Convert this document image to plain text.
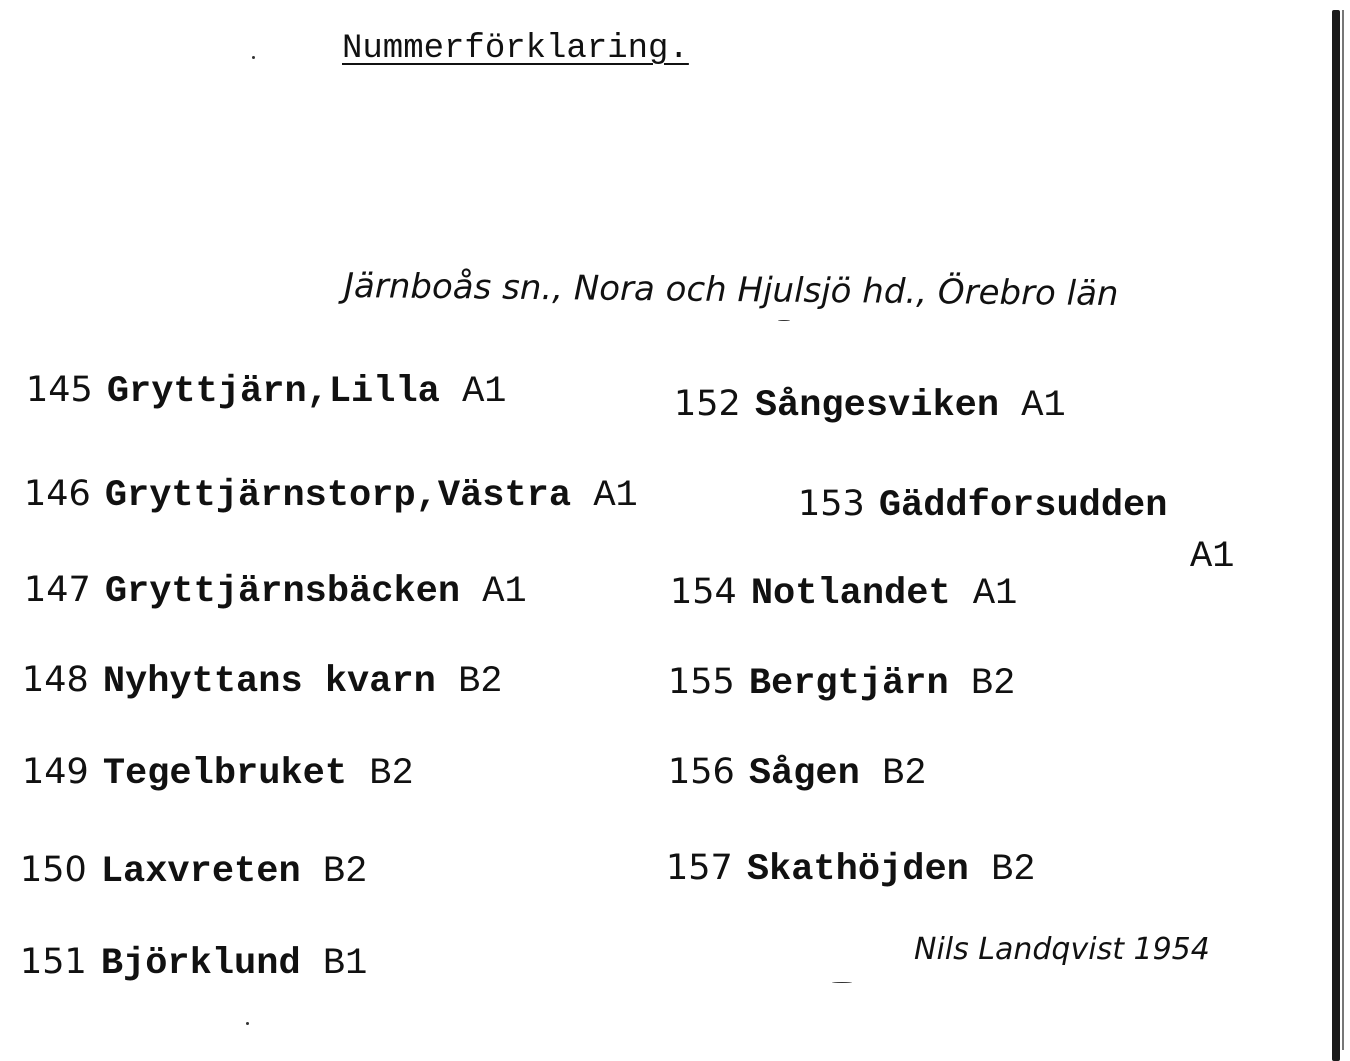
Nummerförklaring.
Järnboås sn., Nora och Hjulsjö hd., Örebro län
145 Gryttjärn,Lilla A1
146 Gryttjärnstorp,Västra A1
147 Gryttjärnsbäcken A1
148 Nyhyttans kvarn B2
149 Tegelbruket B2
150 Laxvreten B2
151 Björklund B1
152 Sångesviken A1
153 Gäddforsudden
A1
154 Notlandet A1
155 Bergtjärn B2
156 Sågen B2
157 Skathöjden B2
Nils Landqvist 1954
